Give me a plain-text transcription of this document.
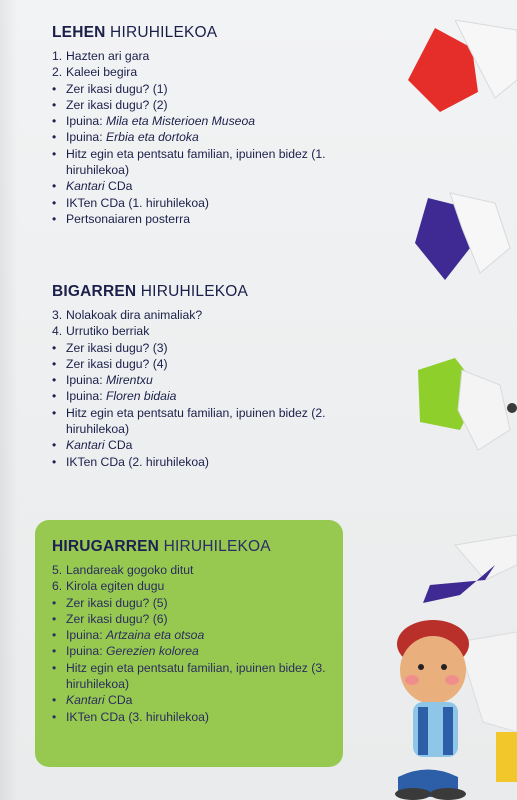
LEHEN HIRUHILEKOA
1. Hazten ari gara
2. Kaleei begira
• Zer ikasi dugu? (1)
• Zer ikasi dugu? (2)
• Ipuina: Mila eta Misterioen Museoa
• Ipuina: Erbia eta dortoka
• Hitz egin eta pentsatu familian, ipuinen bidez (1. hiruhilekoa)
• Kantari CDa
• IKTen CDa (1. hiruhilekoa)
• Pertsonaiaren posterra
BIGARREN HIRUHILEKOA
3. Nolakoak dira animaliak?
4. Urrutiko berriak
• Zer ikasi dugu? (3)
• Zer ikasi dugu? (4)
• Ipuina: Mirentxu
• Ipuina: Floren bidaia
• Hitz egin eta pentsatu familian, ipuinen bidez (2. hiruhilekoa)
• Kantari CDa
• IKTen CDa (2. hiruhilekoa)
HIRUGARREN HIRUHILEKOA
5. Landareak gogoko ditut
6. Kirola egiten dugu
• Zer ikasi dugu? (5)
• Zer ikasi dugu? (6)
• Ipuina: Artzaina eta otsoa
• Ipuina: Gerezien kolorea
• Hitz egin eta pentsatu familian, ipuinen bidez (3. hiruhilekoa)
• Kantari CDa
• IKTen CDa (3. hiruhilekoa)
